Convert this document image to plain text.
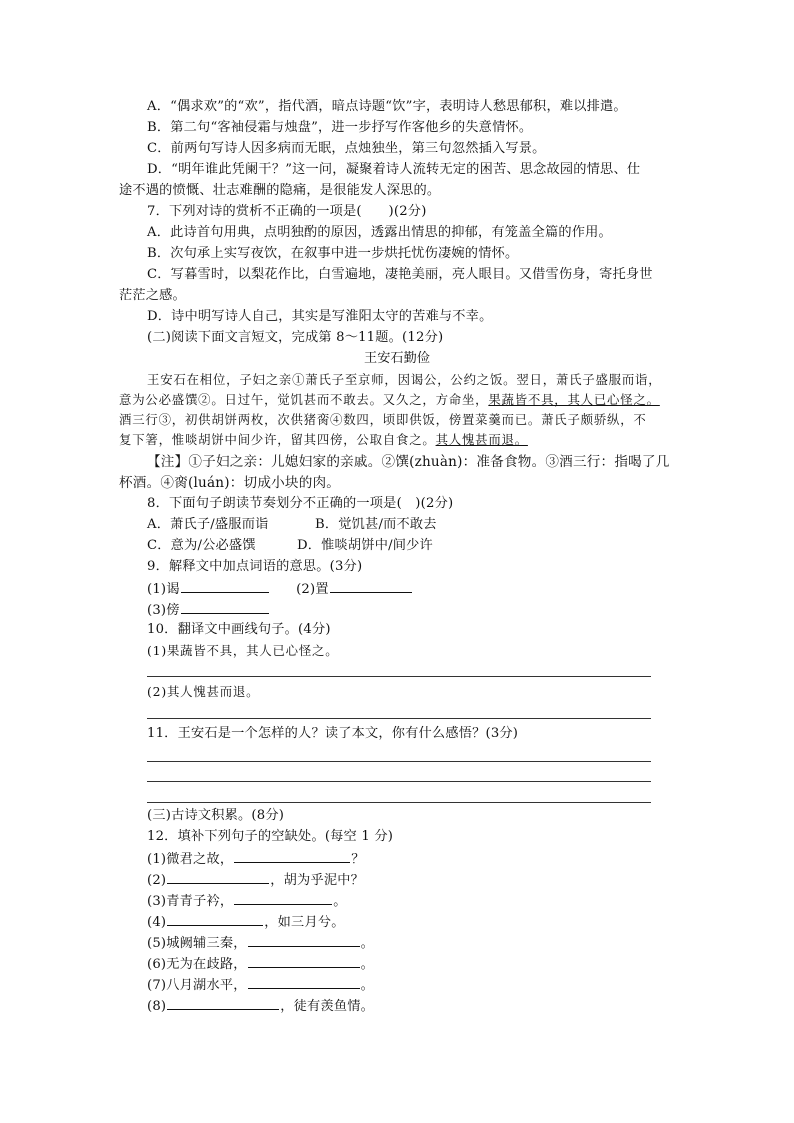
A．“偶求欢”的“欢”，指代酒，暗点诗题“饮”字，表明诗人愁思郁积，难以排遣。
B．第二句“客袖侵霜与烛盘”，进一步抒写作客他乡的失意情怀。
C．前两句写诗人因多病而无眠，点烛独坐，第三句忽然插入写景。
D．“明年谁此凭阑干？”这一问，凝聚着诗人流转无定的困苦、思念故园的情思、仕
途不遇的愤慨、壮志难酬的隐痛，是很能发人深思的。
7．下列对诗的赏析不正确的一项是(　　)(2分)
A．此诗首句用典，点明独酌的原因，透露出情思的抑郁，有笼盖全篇的作用。
B．次句承上实写夜饮，在叙事中进一步烘托忧伤凄婉的情怀。
C．写暮雪时，以梨花作比，白雪遍地，凄艳美丽，亮人眼目。又借雪伤身，寄托身世
茫茫之感。
D．诗中明写诗人自己，其实是写淮阳太守的苦难与不幸。
(二)阅读下面文言短文，完成第 8～11题。(12分)
王安石勤俭
王安石在相位，子妇之亲①萧氏子至京师，因谒公，公约之饭。翌日，萧氏子盛服而诣，
意为公必盛馔②。日过午，觉饥甚而不敢去。又久之，方命坐，果蔬皆不具，其人已心怪之。
酒三行③，初供胡饼两枚，次供猪脔④数四，顷即供饭，傍置菜羹而已。萧氏子颇骄纵，不
复下箸，惟啖胡饼中间少许，留其四傍，公取自食之。其人愧甚而退。
【注】①子妇之亲：儿媳妇家的亲戚。②馔(zhuàn)：准备食物。③酒三行：指喝了几
杯酒。④脔(luán)：切成小块的肉。
8．下面句子朗读节奏划分不正确的一项是(　)(2分)
A．萧氏子/盛服而诣	B．觉饥甚/而不敢去
C．意为/公必盛馔	D．惟啖胡饼中/间少许
9．解释文中加点词语的意思。(3分)
(1)谒	(2)置
(3)傍
10．翻译文中画线句子。(4分)
(1)果蔬皆不具，其人已心怪之。
(2)其人愧甚而退。
11．王安石是一个怎样的人？读了本文，你有什么感悟？(3分)
(三)古诗文积累。(8分)
12．填补下列句子的空缺处。(每空 1 分)
(1)微君之故，	？
(2)	，胡为乎泥中？
(3)青青子衿，	。
(4)	，如三月兮。
(5)城阙辅三秦，	。
(6)无为在歧路，	。
(7)八月湖水平，	。
(8)	，徒有羡鱼情。
